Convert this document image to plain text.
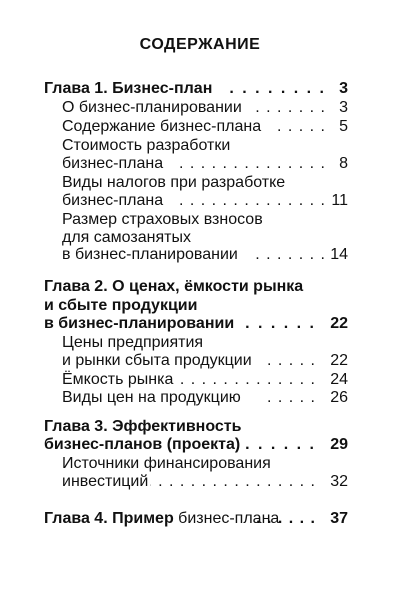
СОДЕРЖАНИЕ
Глава 1. Бизнес-план . . .	3
О бизнес-планировании . . .	3
Содержание бизнес-плана . . .	5
Стоимость разработки
бизнес-плана . . .	8
Виды налогов при разработке
бизнес-плана . . .	11
Размер страховых взносов
для самозанятых
в бизнес-планировании . . .	14
Глава 2. О ценах, ёмкости рынка
и сбыте продукции
в бизнес-планировании . . .	22
Цены предприятия
и рынки сбыта продукции . . .	22
Ёмкость рынка . . .	24
Виды цен на продукцию . . .	26
Глава 3. Эффективность
бизнес-планов (проекта) . . .	29
Источники финансирования
инвестиций . . .	32
Глава 4. Пример бизнес-плана . . .	37
